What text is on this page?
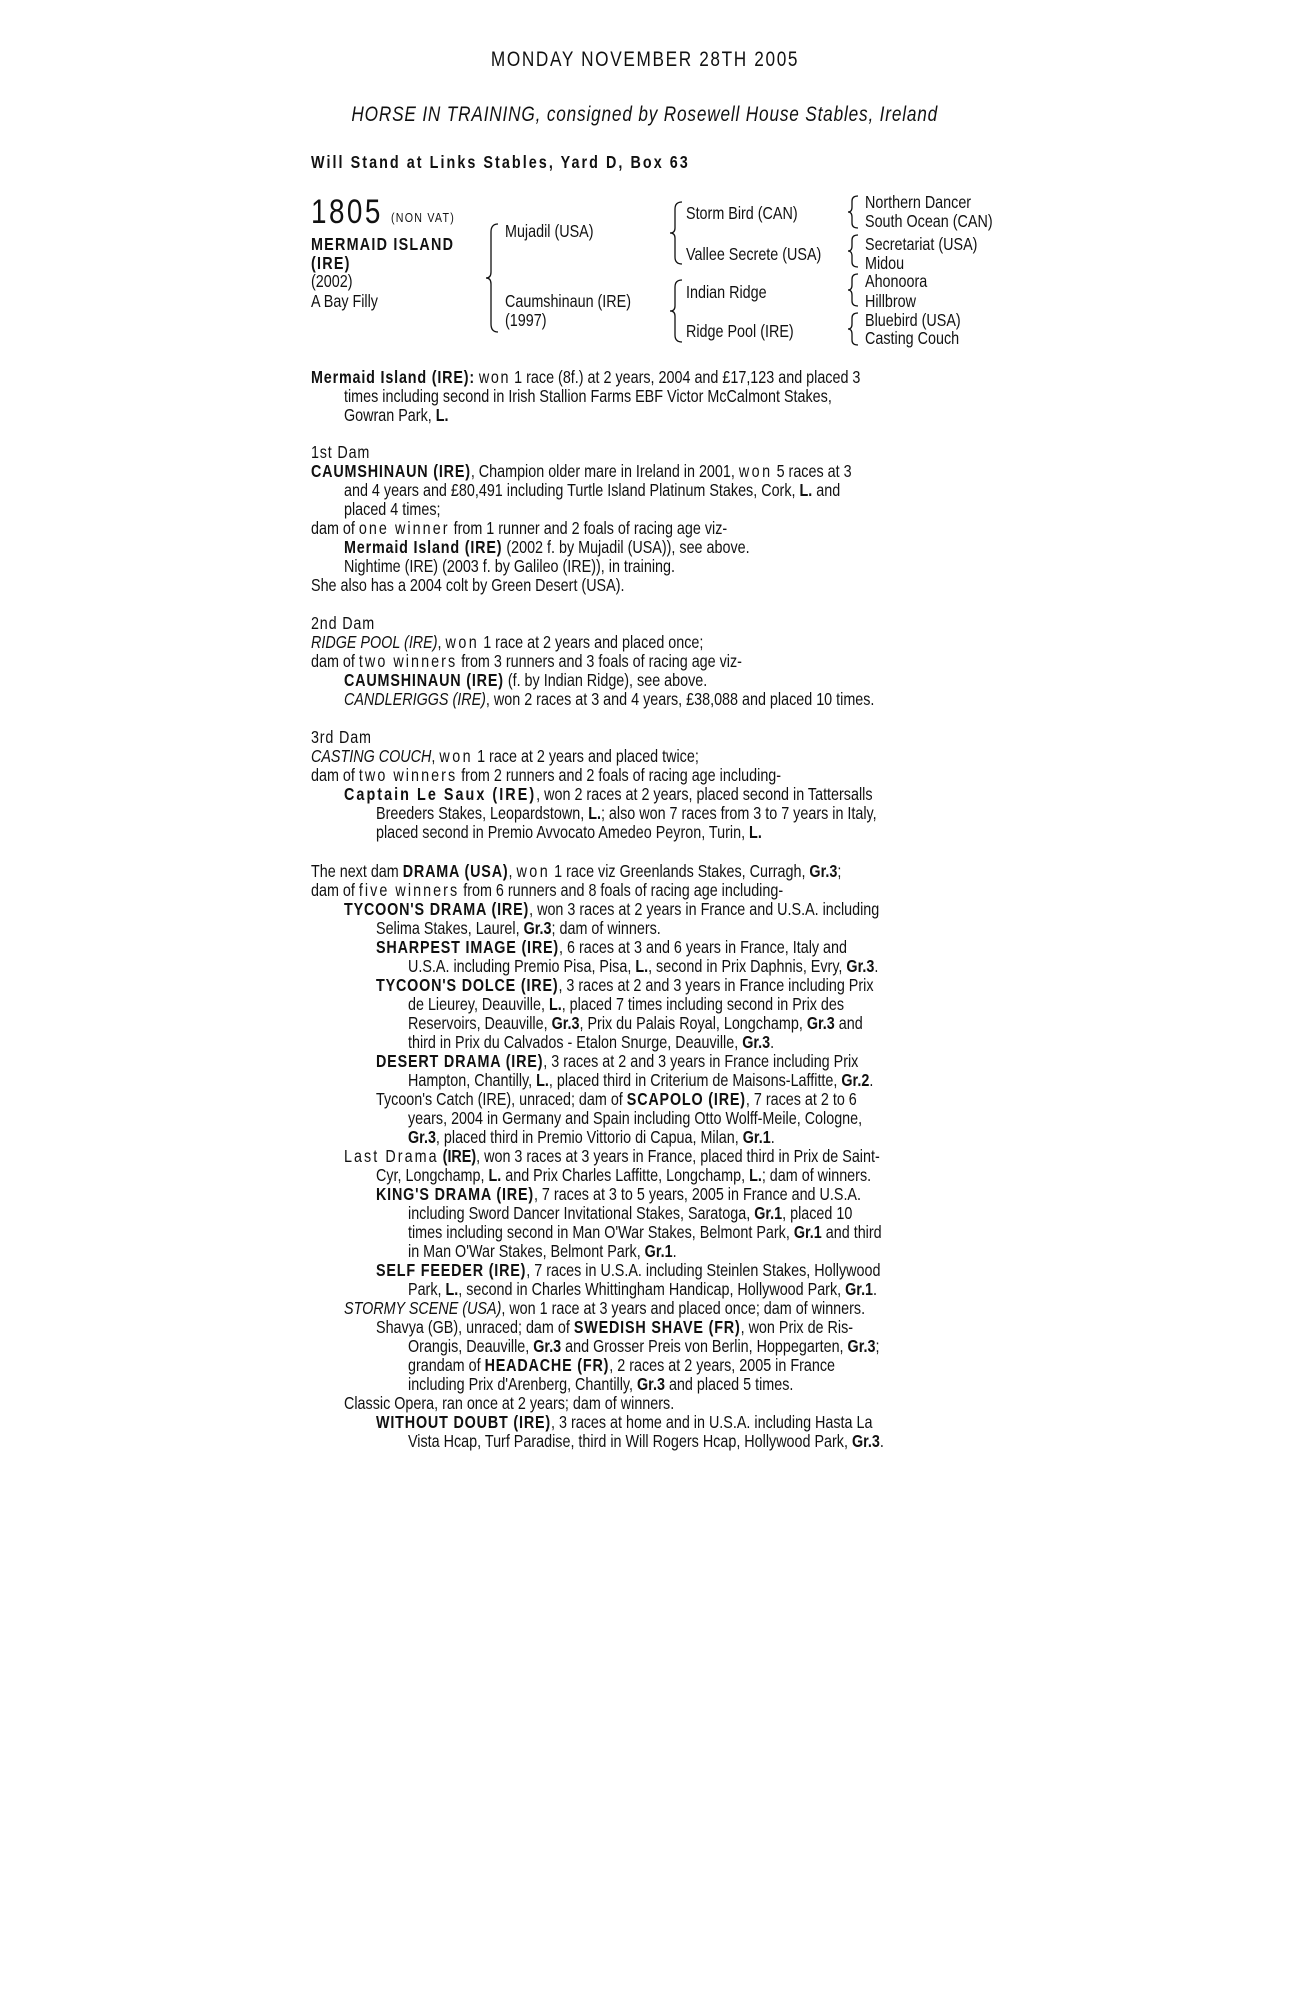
MONDAY NOVEMBER 28TH 2005
HORSE IN TRAINING, consigned by Rosewell House Stables, Ireland
Will Stand at Links Stables, Yard D, Box 63
1805 (NON VAT)
MERMAID ISLAND
(IRE)
(2002)
A Bay Filly
Mujadil (USA)
Caumshinaun (IRE)
(1997)
Storm Bird (CAN)
Vallee Secrete (USA)
Indian Ridge
Ridge Pool (IRE)
Northern Dancer
South Ocean (CAN)
Secretariat (USA)
Midou
Ahonoora
Hillbrow
Bluebird (USA)
Casting Couch
Mermaid Island (IRE): won 1 race (8f.) at 2 years, 2004 and £17,123 and placed 3
times including second in Irish Stallion Farms EBF Victor McCalmont Stakes,
Gowran Park, L.
1st Dam
CAUMSHINAUN (IRE), Champion older mare in Ireland in 2001, won 5 races at 3
and 4 years and £80,491 including Turtle Island Platinum Stakes, Cork, L. and
placed 4 times;
dam of one winner from 1 runner and 2 foals of racing age viz-
Mermaid Island (IRE) (2002 f. by Mujadil (USA)), see above.
Nightime (IRE) (2003 f. by Galileo (IRE)), in training.
She also has a 2004 colt by Green Desert (USA).
2nd Dam
RIDGE POOL (IRE), won 1 race at 2 years and placed once;
dam of two winners from 3 runners and 3 foals of racing age viz-
CAUMSHINAUN (IRE) (f. by Indian Ridge), see above.
CANDLERIGGS (IRE), won 2 races at 3 and 4 years, £38,088 and placed 10 times.
3rd Dam
CASTING COUCH, won 1 race at 2 years and placed twice;
dam of two winners from 2 runners and 2 foals of racing age including-
Captain Le Saux (IRE), won 2 races at 2 years, placed second in Tattersalls
Breeders Stakes, Leopardstown, L.; also won 7 races from 3 to 7 years in Italy,
placed second in Premio Avvocato Amedeo Peyron, Turin, L.
The next dam DRAMA (USA), won 1 race viz Greenlands Stakes, Curragh, Gr.3;
dam of five winners from 6 runners and 8 foals of racing age including-
TYCOON'S DRAMA (IRE), won 3 races at 2 years in France and U.S.A. including
Selima Stakes, Laurel, Gr.3; dam of winners.
SHARPEST IMAGE (IRE), 6 races at 3 and 6 years in France, Italy and
U.S.A. including Premio Pisa, Pisa, L., second in Prix Daphnis, Evry, Gr.3.
TYCOON'S DOLCE (IRE), 3 races at 2 and 3 years in France including Prix
de Lieurey, Deauville, L., placed 7 times including second in Prix des
Reservoirs, Deauville, Gr.3, Prix du Palais Royal, Longchamp, Gr.3 and
third in Prix du Calvados - Etalon Snurge, Deauville, Gr.3.
DESERT DRAMA (IRE), 3 races at 2 and 3 years in France including Prix
Hampton, Chantilly, L., placed third in Criterium de Maisons-Laffitte, Gr.2.
Tycoon's Catch (IRE), unraced; dam of SCAPOLO (IRE), 7 races at 2 to 6
years, 2004 in Germany and Spain including Otto Wolff-Meile, Cologne,
Gr.3, placed third in Premio Vittorio di Capua, Milan, Gr.1.
Last Drama (IRE), won 3 races at 3 years in France, placed third in Prix de Saint-
Cyr, Longchamp, L. and Prix Charles Laffitte, Longchamp, L.; dam of winners.
KING'S DRAMA (IRE), 7 races at 3 to 5 years, 2005 in France and U.S.A.
including Sword Dancer Invitational Stakes, Saratoga, Gr.1, placed 10
times including second in Man O'War Stakes, Belmont Park, Gr.1 and third
in Man O'War Stakes, Belmont Park, Gr.1.
SELF FEEDER (IRE), 7 races in U.S.A. including Steinlen Stakes, Hollywood
Park, L., second in Charles Whittingham Handicap, Hollywood Park, Gr.1.
STORMY SCENE (USA), won 1 race at 3 years and placed once; dam of winners.
Shavya (GB), unraced; dam of SWEDISH SHAVE (FR), won Prix de Ris-
Orangis, Deauville, Gr.3 and Grosser Preis von Berlin, Hoppegarten, Gr.3;
grandam of HEADACHE (FR), 2 races at 2 years, 2005 in France
including Prix d'Arenberg, Chantilly, Gr.3 and placed 5 times.
Classic Opera, ran once at 2 years; dam of winners.
WITHOUT DOUBT (IRE), 3 races at home and in U.S.A. including Hasta La
Vista Hcap, Turf Paradise, third in Will Rogers Hcap, Hollywood Park, Gr.3.
